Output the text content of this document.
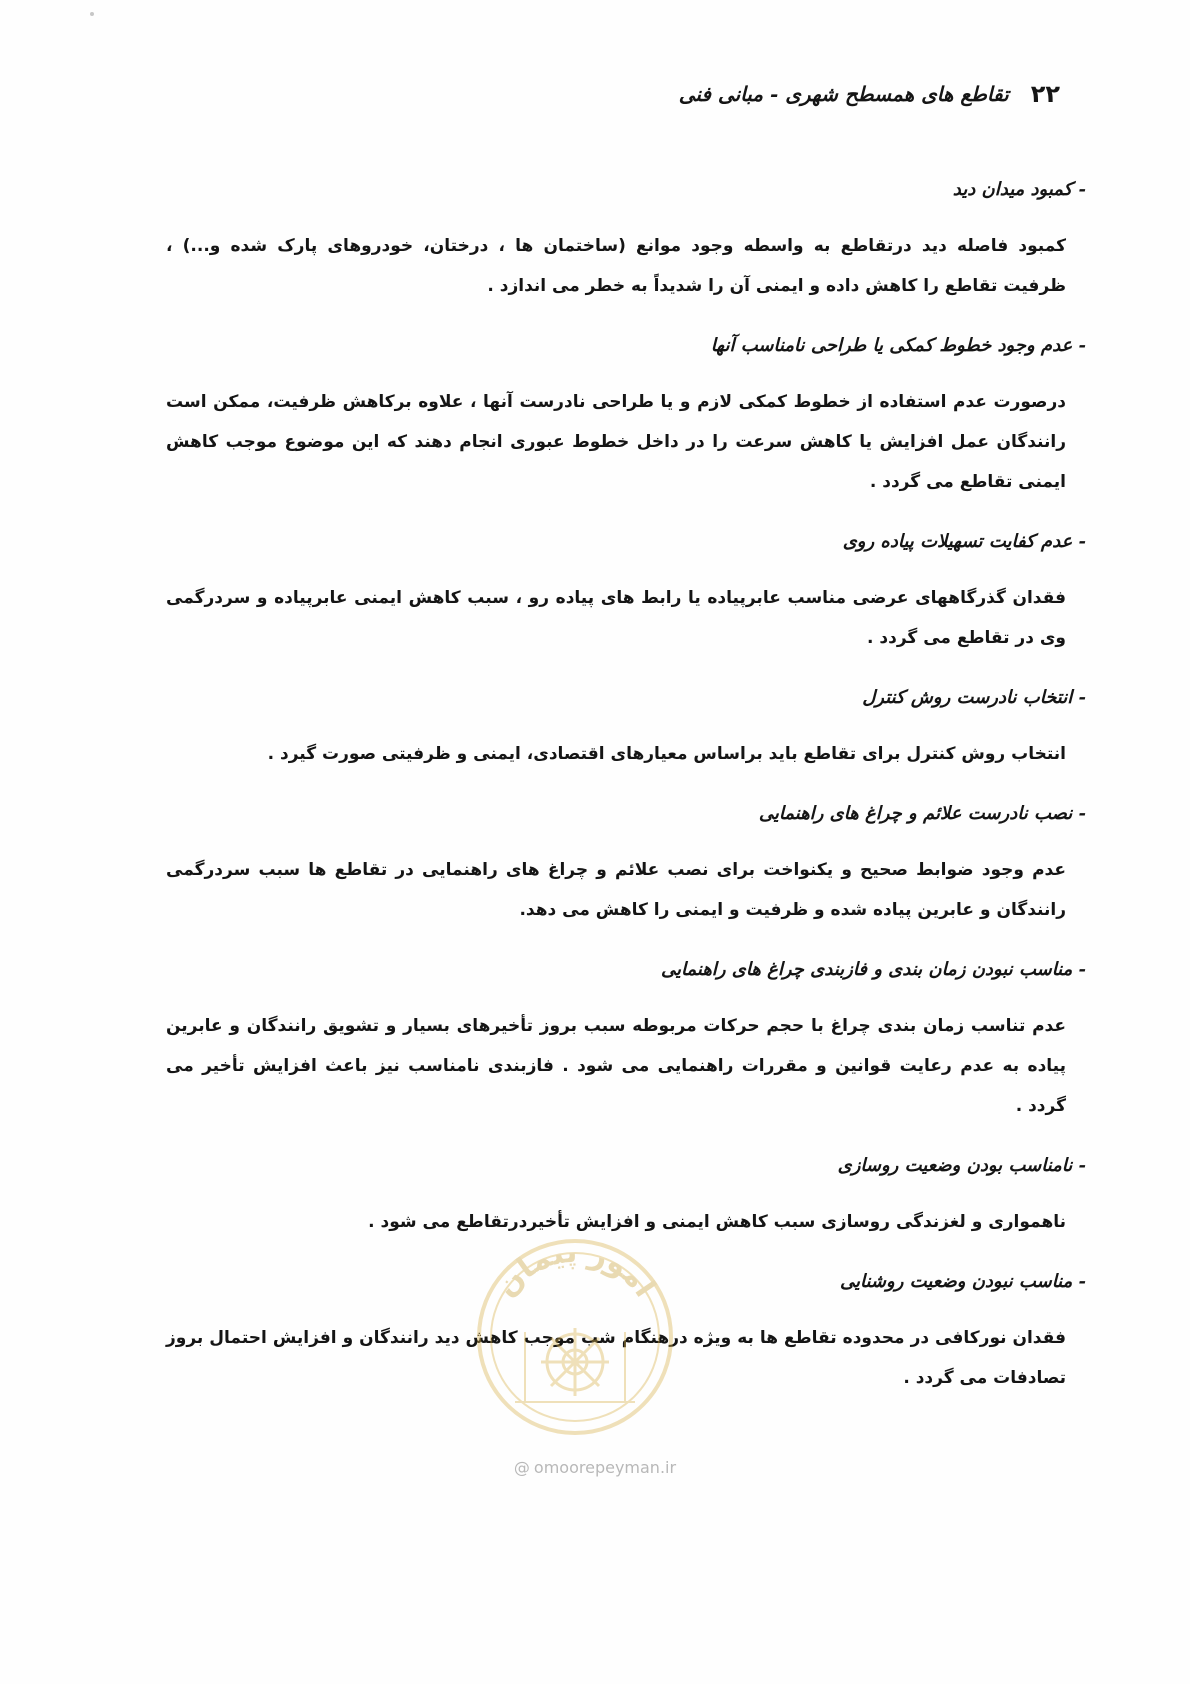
۲۲
تقاطع های همسطح شهری - مبانی فنی
- کمبود میدان دید
کمبود فاصله دید درتقاطع به واسطه وجود موانع (ساختمان ها ، درختان، خودروهای پارک شده و...) ، ظرفیت تقاطع را کاهش داده و ایمنی آن را شدیداً به خطر می اندازد .
- عدم وجود خطوط کمکی یا طراحی نامناسب آنها
درصورت عدم استفاده از خطوط کمکی لازم و یا طراحی نادرست آنها ، علاوه برکاهش ظرفیت، ممکن است رانندگان عمل افزایش یا کاهش سرعت را در داخل خطوط عبوری انجام دهند که این موضوع موجب کاهش ایمنی تقاطع می گردد .
- عدم کفایت تسهیلات پیاده روی
فقدان گذرگاههای عرضی مناسب عابرپیاده یا رابط های پیاده رو ، سبب کاهش ایمنی عابرپیاده و سردرگمی وی در تقاطع می گردد .
- انتخاب نادرست روش کنترل
انتخاب روش کنترل برای تقاطع باید براساس معیارهای اقتصادی، ایمنی و ظرفیتی صورت گیرد .
- نصب نادرست علائم و چراغ های راهنمایی
عدم وجود ضوابط صحیح و یکنواخت برای نصب علائم و چراغ های راهنمایی در تقاطع ها سبب سردرگمی رانندگان و عابرین پیاده شده و ظرفیت و ایمنی را کاهش می دهد.
- مناسب نبودن زمان بندی و فازبندی چراغ های راهنمایی
عدم تناسب زمان بندی چراغ با حجم حرکات مربوطه سبب بروز تأخیرهای بسیار و تشویق رانندگان و عابرین پیاده به عدم رعایت قوانین و مقررات راهنمایی می شود . فازبندی نامناسب نیز باعث افزایش تأخیر می گردد .
- نامناسب بودن وضعیت روسازی
ناهمواری و لغزندگی روسازی سبب کاهش ایمنی و افزایش تأخیردرتقاطع می شود .
- مناسب نبودن وضعیت روشنایی
فقدان نورکافی در محدوده تقاطع ها به ویژه درهنگام شب موجب کاهش دید رانندگان و افزایش احتمال بروز تصادفات می گردد .
امور پیمان
@ omoorepeyman.ir
